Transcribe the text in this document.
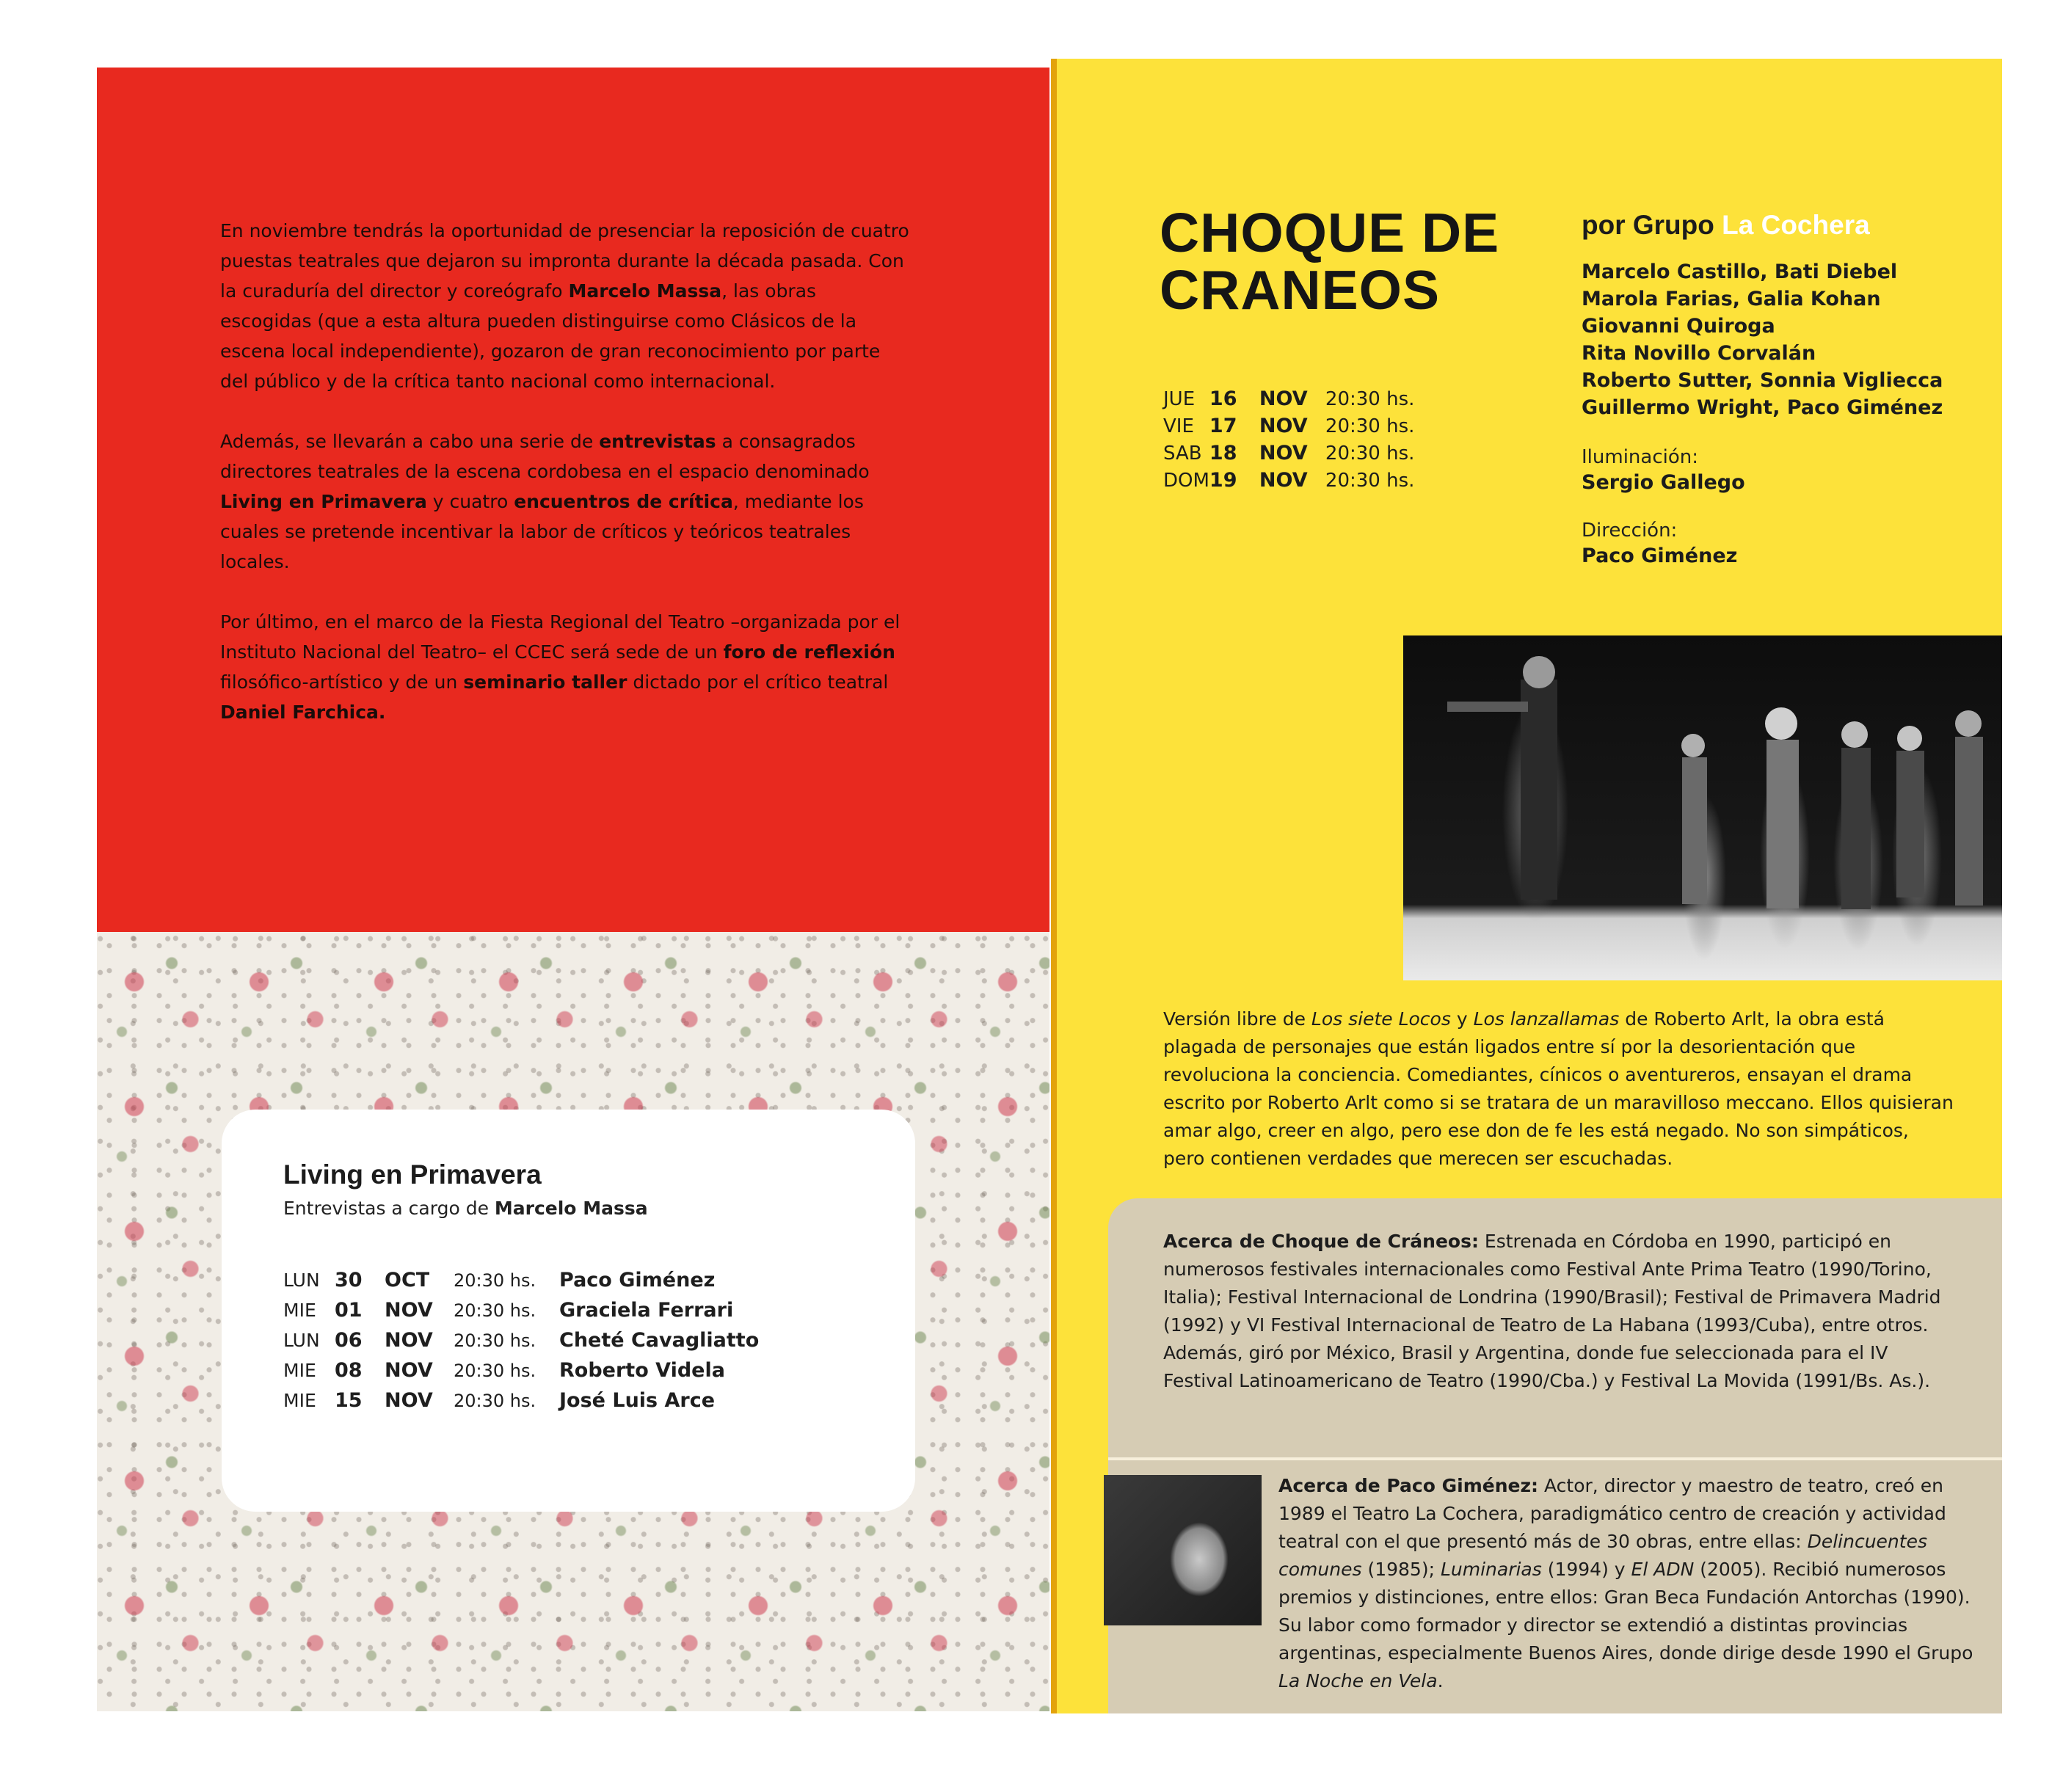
En noviembre tendrás la oportunidad de presenciar la reposición de cuatro puestas teatrales que dejaron su impronta durante la década pasada. Con la curaduría del director y coreógrafo Marcelo Massa, las obras escogidas (que a esta altura pueden distinguirse como Clásicos de la escena local independiente), gozaron de gran reconocimiento por parte del público y de la crítica tanto nacional como internacional.

Además, se llevarán a cabo una serie de entrevistas a consagrados directores teatrales de la escena cordobesa en el espacio denominado Living en Primavera y cuatro encuentros de crítica, mediante los cuales se pretende incentivar la labor de críticos y teóricos teatrales locales.

Por último, en el marco de la Fiesta Regional del Teatro –organizada por el Instituto Nacional del Teatro– el CCEC será sede de un foro de reflexión filosófico-artístico y de un seminario taller dictado por el crítico teatral Daniel Farchica.

Living en Primavera
Entrevistas a cargo de Marcelo Massa
LUN	30	OCT	20:30 hs.	Paco Giménez
MIE	01	NOV	20:30 hs.	Graciela Ferrari
LUN	06	NOV	20:30 hs.	Cheté Cavagliatto
MIE	08	NOV	20:30 hs.	Roberto Videla
MIE	15	NOV	20:30 hs.	José Luis Arce
CHOQUE DE
CRANEOS
por Grupo La Cochera
Marcelo Castillo, Bati Diebel
Marola Farias, Galia Kohan
Giovanni Quiroga
Rita Novillo Corvalán
Roberto Sutter, Sonnia Vigliecca
Guillermo Wright, Paco Giménez
Iluminación:
Sergio Gallego
Dirección:
Paco Giménez
JUE	16	NOV	20:30 hs.
VIE	17	NOV	20:30 hs.
SAB	18	NOV	20:30 hs.
DOM	19	NOV	20:30 hs.

Versión libre de Los siete Locos y Los lanzallamas de Roberto Arlt, la obra está plagada de personajes que están ligados entre sí por la desorientación que revoluciona la conciencia. Comediantes, cínicos o aventureros, ensayan el drama escrito por Roberto Arlt como si se tratara de un maravilloso meccano. Ellos quisieran amar algo, creer en algo, pero ese don de fe les está negado. No son simpáticos, pero contienen verdades que merecen ser escuchadas.

Acerca de Choque de Cráneos: Estrenada en Córdoba en 1990, participó en numerosos festivales internacionales como Festival Ante Prima Teatro (1990/Torino, Italia); Festival Internacional de Londrina (1990/Brasil); Festival de Primavera Madrid (1992) y VI Festival Internacional de Teatro de La Habana (1993/Cuba), entre otros. Además, giró por México, Brasil y Argentina, donde fue seleccionada para el IV Festival Latinoamericano de Teatro (1990/Cba.) y Festival La Movida (1991/Bs. As.).

Acerca de Paco Giménez: Actor, director y maestro de teatro, creó en 1989 el Teatro La Cochera, paradigmático centro de creación y actividad teatral con el que presentó más de 30 obras, entre ellas: Delincuentes comunes (1985); Luminarias (1994) y El ADN (2005). Recibió numerosos premios y distinciones, entre ellos: Gran Beca Fundación Antorchas (1990). Su labor como formador y director se extendió a distintas provincias argentinas, especialmente Buenos Aires, donde dirige desde 1990 el Grupo La Noche en Vela.
